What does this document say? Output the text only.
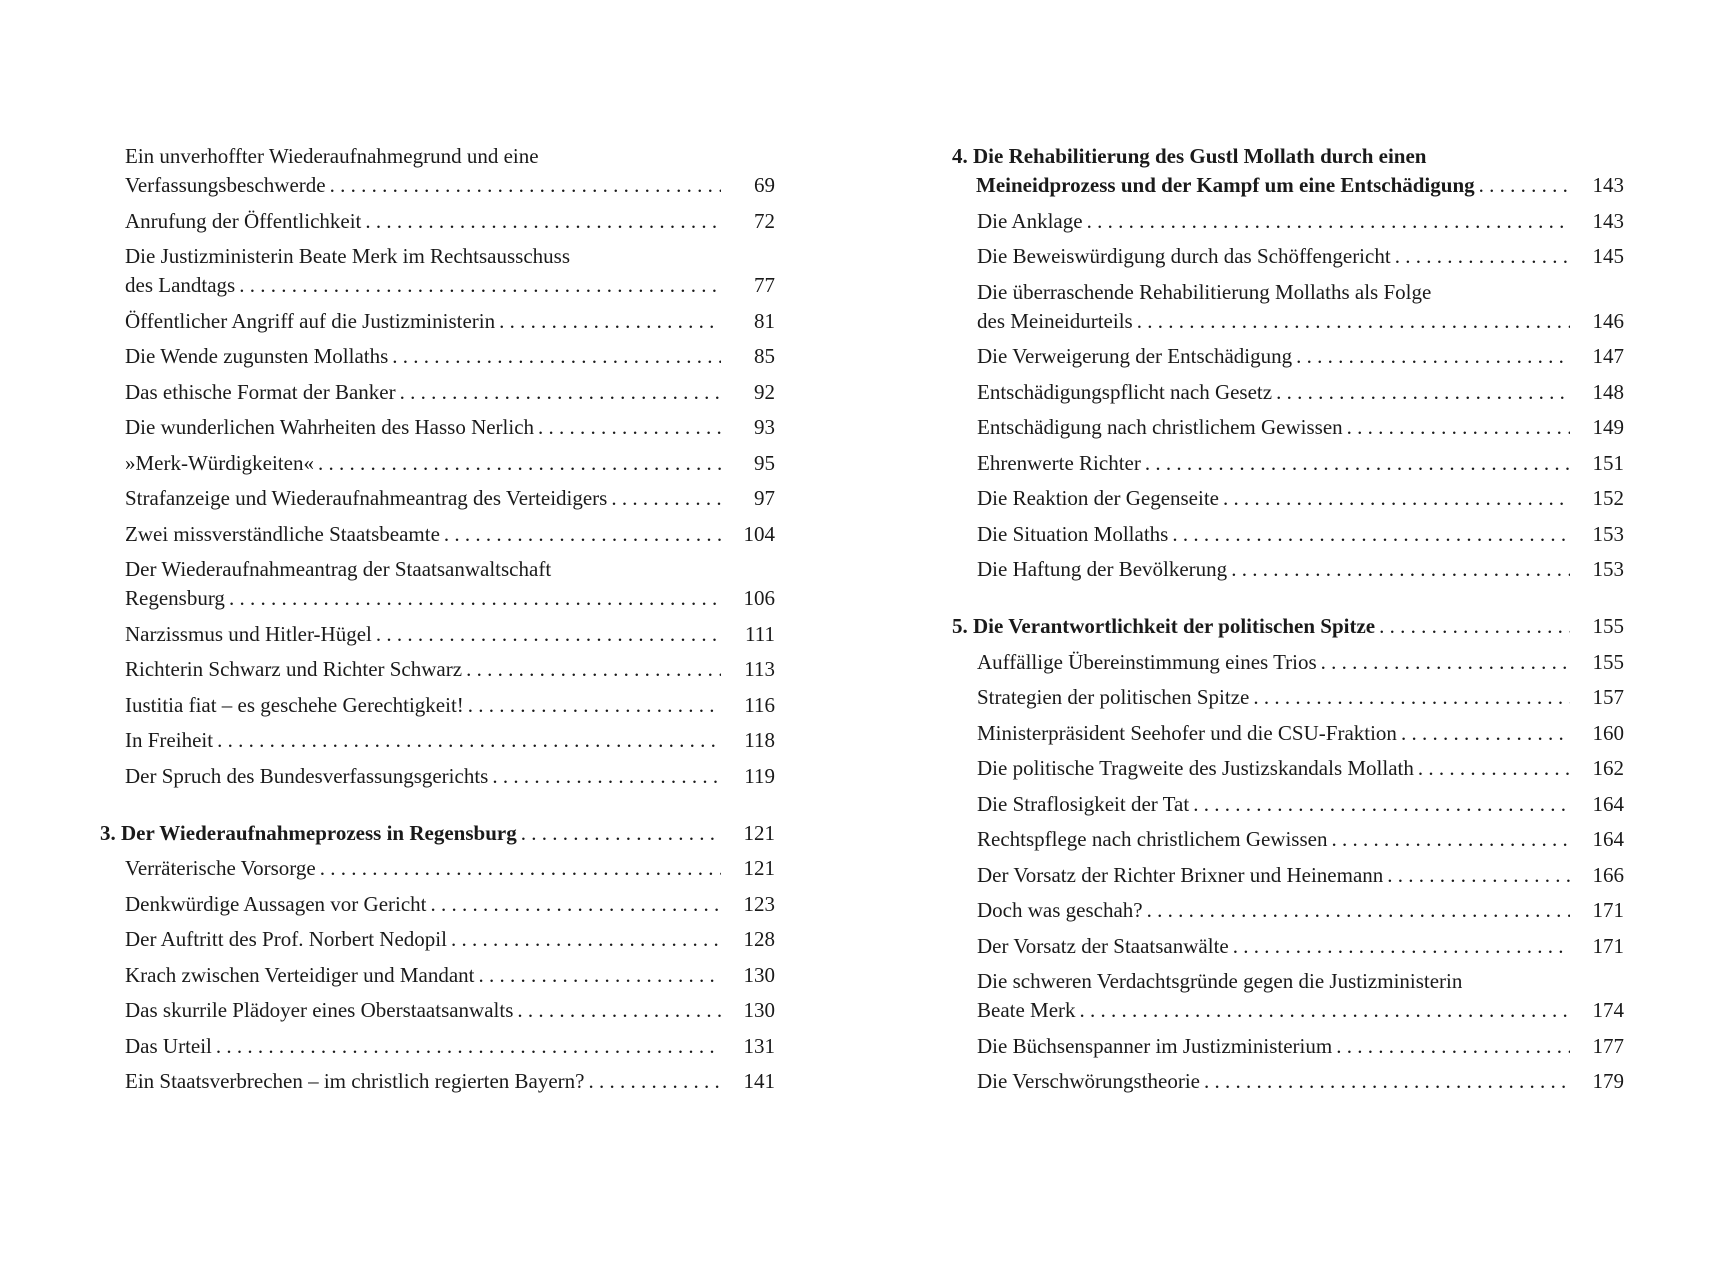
Ein unverhoffter Wiederaufnahmegrund und eine
Verfassungsbeschwerde . . .	69
Anrufung der Öffentlichkeit . . .	72
Die Justizministerin Beate Merk im Rechtsausschuss
des Landtags . . .	77
Öffentlicher Angriff auf die Justizministerin . . .	81
Die Wende zugunsten Mollaths . . .	85
Das ethische Format der Banker . . .	92
Die wunderlichen Wahrheiten des Hasso Nerlich . . .	93
»Merk-Würdigkeiten« . . .	95
Strafanzeige und Wiederaufnahmeantrag des Verteidigers . . .	97
Zwei missverständliche Staatsbeamte . . .	104
Der Wiederaufnahmeantrag der Staatsanwaltschaft
Regensburg . . .	106
Narzissmus und Hitler-Hügel . . .	111
Richterin Schwarz und Richter Schwarz . . .	113
Iustitia fiat – es geschehe Gerechtigkeit! . . .	116
In Freiheit . . .	118
Der Spruch des Bundesverfassungsgerichts . . .	119
3. Der Wiederaufnahmeprozess in Regensburg . . .	121
Verräterische Vorsorge . . .	121
Denkwürdige Aussagen vor Gericht . . .	123
Der Auftritt des Prof. Norbert Nedopil . . .	128
Krach zwischen Verteidiger und Mandant . . .	130
Das skurrile Plädoyer eines Oberstaatsanwalts . . .	130
Das Urteil . . .	131
Ein Staatsverbrechen – im christlich regierten Bayern? . . .	141
4. Die Rehabilitierung des Gustl Mollath durch einen
Meineidprozess und der Kampf um eine Entschädigung . . .	143
Die Anklage . . .	143
Die Beweiswürdigung durch das Schöffengericht . . .	145
Die überraschende Rehabilitierung Mollaths als Folge
des Meineidurteils . . .	146
Die Verweigerung der Entschädigung . . .	147
Entschädigungspflicht nach Gesetz . . .	148
Entschädigung nach christlichem Gewissen . . .	149
Ehrenwerte Richter . . .	151
Die Reaktion der Gegenseite . . .	152
Die Situation Mollaths . . .	153
Die Haftung der Bevölkerung . . .	153
5. Die Verantwortlichkeit der politischen Spitze . . .	155
Auffällige Übereinstimmung eines Trios . . .	155
Strategien der politischen Spitze . . .	157
Ministerpräsident Seehofer und die CSU-Fraktion . . .	160
Die politische Tragweite des Justizskandals Mollath . . .	162
Die Straflosigkeit der Tat . . .	164
Rechtspflege nach christlichem Gewissen . . .	164
Der Vorsatz der Richter Brixner und Heinemann . . .	166
Doch was geschah? . . .	171
Der Vorsatz der Staatsanwälte . . .	171
Die schweren Verdachtsgründe gegen die Justizministerin
Beate Merk . . .	174
Die Büchsenspanner im Justizministerium . . .	177
Die Verschwörungstheorie . . .	179
